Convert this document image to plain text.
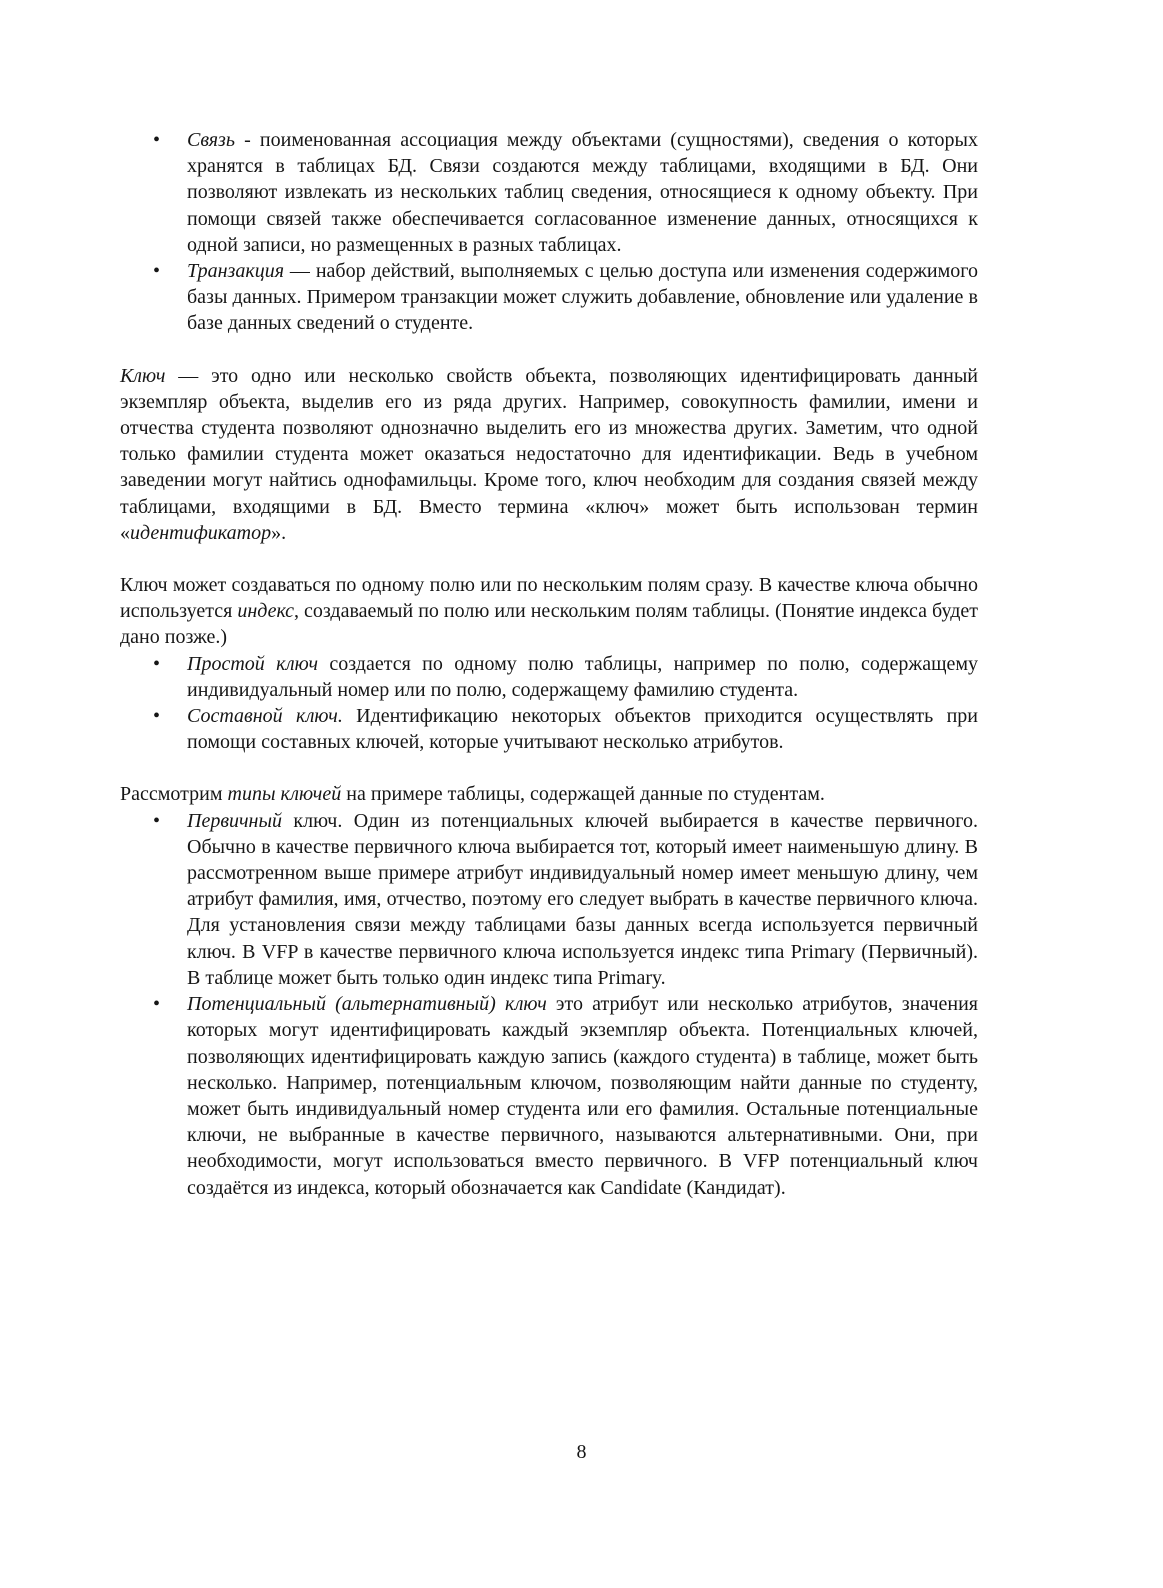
• Связь - поименованная ассоциация между объектами (сущностями), сведения о которых хранятся в таблицах БД. Связи создаются между таблицами, входящими в БД. Они позволяют извлекать из нескольких таблиц сведения, относящиеся к одному объекту. При помощи связей также обеспечивается согласованное изменение данных, относящихся к одной записи, но размещенных в разных таблицах.
• Транзакция — набор действий, выполняемых с целью доступа или изменения содержимого базы данных. Примером транзакции может служить добавление, обновление или удаление в базе данных сведений о студенте.

Ключ — это одно или несколько свойств объекта, позволяющих идентифицировать данный экземпляр объекта, выделив его из ряда других. Например, совокупность фамилии, имени и отчества студента позволяют однозначно выделить его из множества других. Заметим, что одной только фамилии студента может оказаться недостаточно для идентификации. Ведь в учебном заведении могут найтись однофамильцы. Кроме того, ключ необходим для создания связей между таблицами, входящими в БД. Вместо термина «ключ» может быть использован термин «идентификатор».

Ключ может создаваться по одному полю или по нескольким полям сразу. В качестве ключа обычно используется индекс, создаваемый по полю или нескольким полям таблицы. (Понятие индекса будет дано позже.)

• Простой ключ создается по одному полю таблицы, например по полю, содержащему индивидуальный номер или по полю, содержащему фамилию студента.
• Составной ключ. Идентификацию некоторых объектов приходится осуществлять при помощи составных ключей, которые учитывают несколько атрибутов.

Рассмотрим типы ключей на примере таблицы, содержащей данные по студентам.

• Первичный ключ. Один из потенциальных ключей выбирается в качестве первичного. Обычно в качестве первичного ключа выбирается тот, который имеет наименьшую длину. В рассмотренном выше примере атрибут индивидуальный номер имеет меньшую длину, чем атрибут фамилия, имя, отчество, поэтому его следует выбрать в качестве первичного ключа. Для установления связи между таблицами базы данных всегда используется первичный ключ. В VFP в качестве первичного ключа используется индекс типа Primary (Первичный). В таблице может быть только один индекс типа Primary.
• Потенциальный (альтернативный) ключ это атрибут или несколько атрибутов, значения которых могут идентифицировать каждый экземпляр объекта. Потенциальных ключей, позволяющих идентифицировать каждую запись (каждого студента) в таблице, может быть несколько. Например, потенциальным ключом, позволяющим найти данные по студенту, может быть индивидуальный номер студента или его фамилия. Остальные потенциальные ключи, не выбранные в качестве первичного, называются альтернативными. Они, при необходимости, могут использоваться вместо первичного. В VFP потенциальный ключ создаётся из индекса, который обозначается как Candidate (Кандидат).
8
